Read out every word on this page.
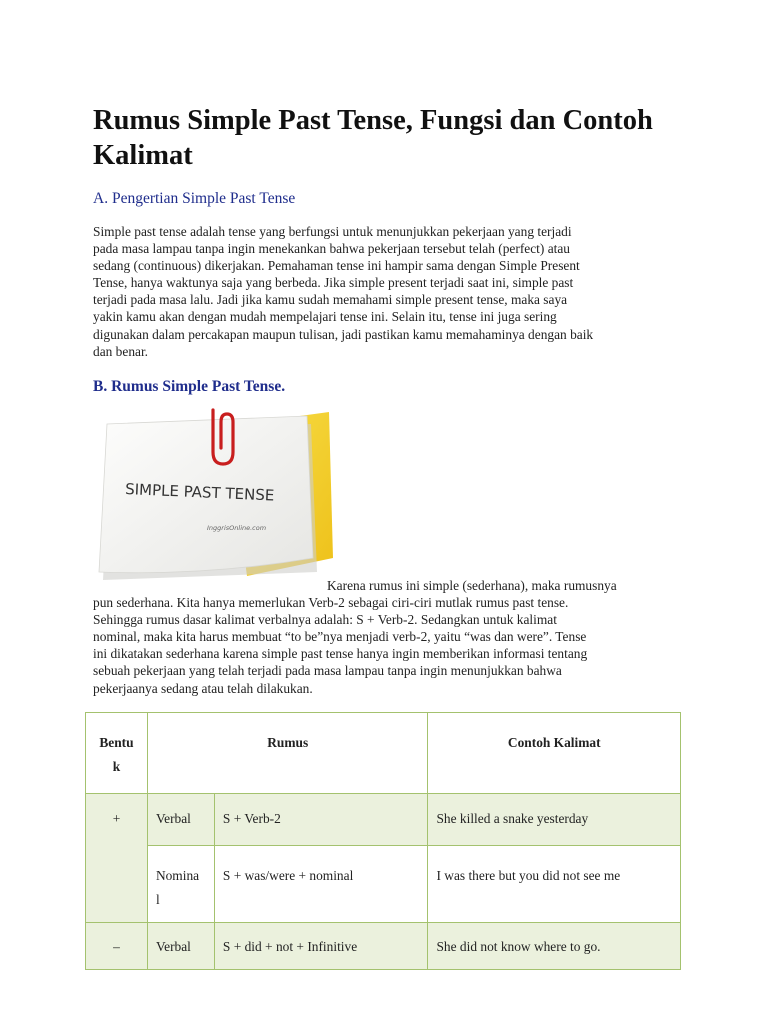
Rumus Simple Past Tense, Fungsi dan Contoh Kalimat
A. Pengertian Simple Past Tense

Simple past tense adalah tense yang berfungsi untuk menunjukkan pekerjaan yang terjadi
pada masa lampau tanpa ingin menekankan bahwa pekerjaan tersebut telah (perfect) atau
sedang (continuous) dikerjakan. Pemahaman tense ini hampir sama dengan Simple Present
Tense, hanya waktunya saja yang berbeda. Jika simple present terjadi saat ini, simple past
terjadi pada masa lalu. Jadi jika kamu sudah memahami simple present tense, maka saya
yakin kamu akan dengan mudah mempelajari tense ini. Selain itu, tense ini juga sering
digunakan dalam percakapan maupun tulisan, jadi pastikan kamu memahaminya dengan baik
dan benar.

B. Rumus Simple Past Tense.
SIMPLE PAST TENSE
InggrisOnline.com

Karena rumus ini simple (sederhana), maka rumusnya
pun sederhana. Kita hanya memerlukan Verb-2 sebagai ciri-ciri mutlak rumus past tense.
Sehingga rumus dasar kalimat verbalnya adalah: S + Verb-2. Sedangkan untuk kalimat
nominal, maka kita harus membuat “to be”nya menjadi verb-2, yaitu “was dan were”. Tense
ini dikatakan sederhana karena simple past tense hanya ingin memberikan informasi tentang
sebuah pekerjaan yang telah terjadi pada masa lampau tanpa ingin menunjukkan bahwa
pekerjaanya sedang atau telah dilakukan.

Bentu
k	Rumus		Contoh Kalimat
+	Verbal	S + Verb-2	She killed a snake yesterday
	Nomina
l	S + was/were + nominal	I was there but you did not see me
–	Verbal	S + did + not + Infinitive	She did not know where to go.
